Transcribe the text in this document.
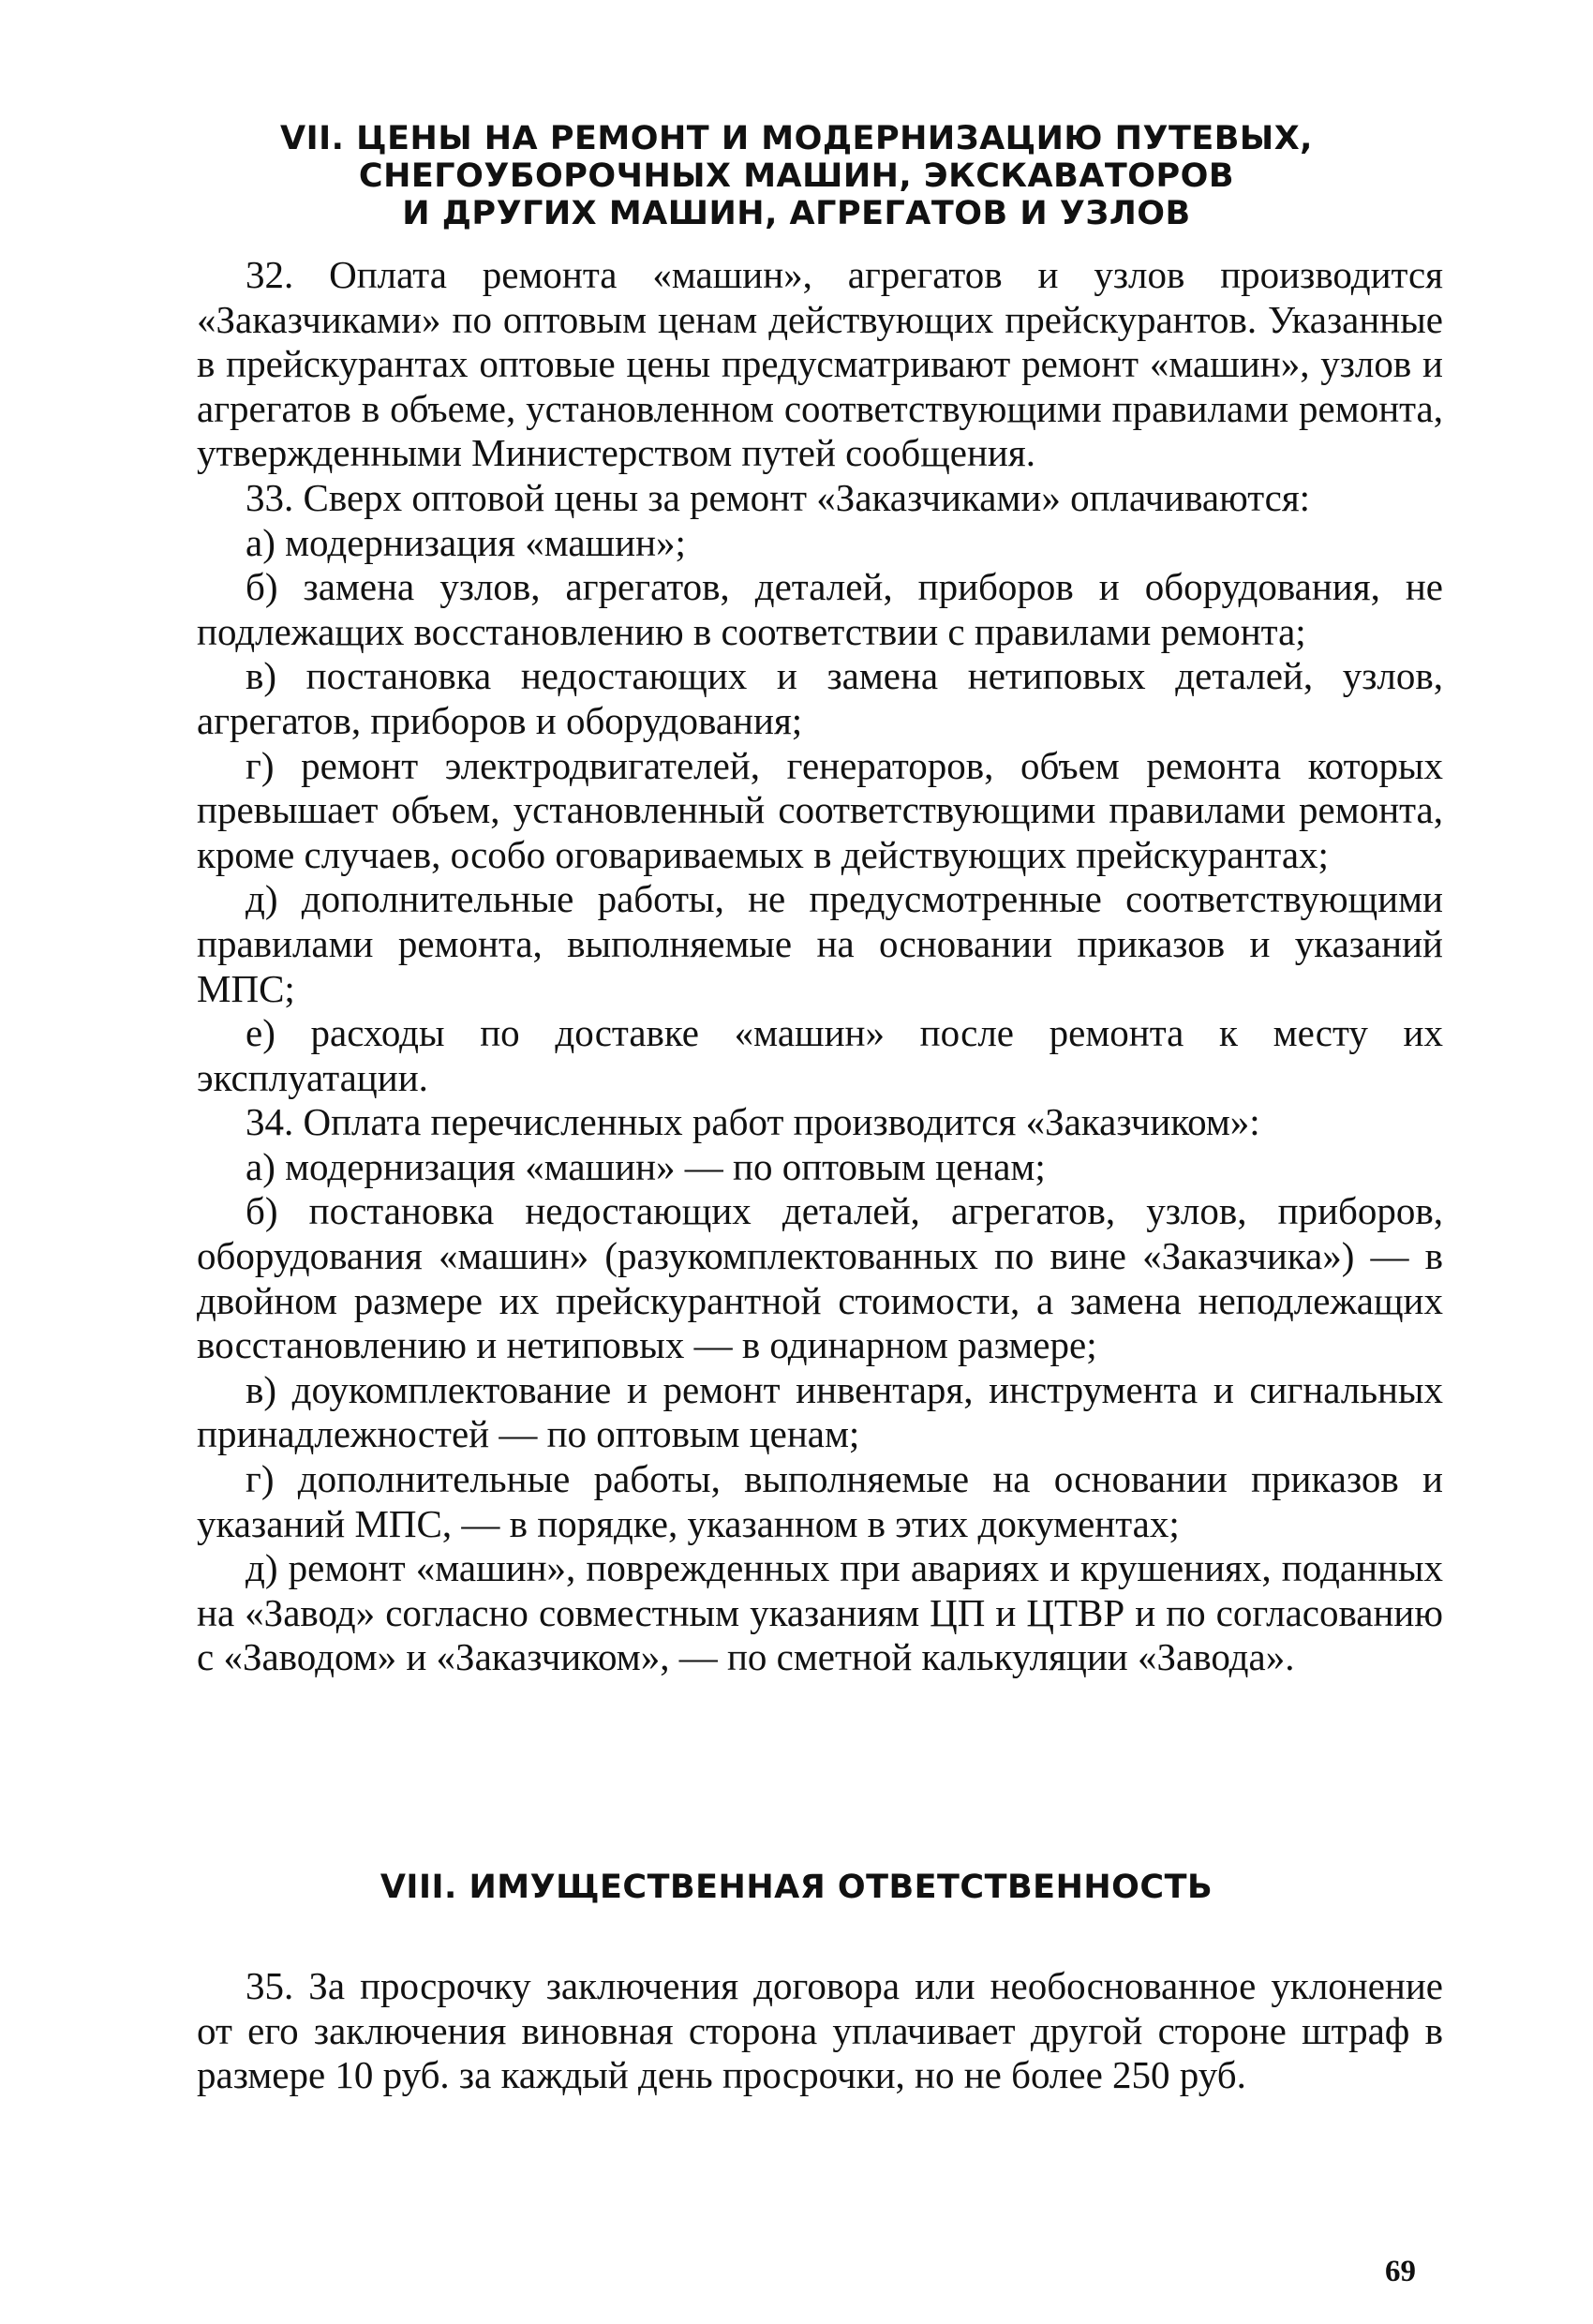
VII. ЦЕНЫ НА РЕМОНТ И МОДЕРНИЗАЦИЮ ПУТЕВЫХ,
СНЕГОУБОРОЧНЫХ МАШИН, ЭКСКАВАТОРОВ
И ДРУГИХ МАШИН, АГРЕГАТОВ И УЗЛОВ

32. Оплата ремонта «машин», агрегатов и узлов производится «Заказчиками» по оптовым ценам действующих прейскурантов. Указанные в прейскурантах оптовые цены предусматривают ремонт «машин», узлов и агрегатов в объеме, установленном соответствующими правилами ремонта, утвержденными Министерством путей сообщения.

33. Сверх оптовой цены за ремонт «Заказчиками» оплачиваются:

а) модернизация «машин»;

б) замена узлов, агрегатов, деталей, приборов и оборудования, не подлежащих восстановлению в соответствии с правилами ремонта;

в) постановка недостающих и замена нетиповых деталей, узлов, агрегатов, приборов и оборудования;

г) ремонт электродвигателей, генераторов, объем ремонта которых превышает объем, установленный соответствующими правилами ремонта, кроме случаев, особо оговариваемых в действующих прейскурантах;

д) дополнительные работы, не предусмотренные соответствующими правилами ремонта, выполняемые на основании приказов и указаний МПС;

е) расходы по доставке «машин» после ремонта к месту их эксплуатации.

34. Оплата перечисленных работ производится «Заказчиком»:

а) модернизация «машин» — по оптовым ценам;

б) постановка недостающих деталей, агрегатов, узлов, приборов, оборудования «машин» (разукомплектованных по вине «Заказчика») — в двойном размере их прейскурантной стоимости, а замена неподлежащих восстановлению и нетиповых — в одинарном размере;

в) доукомплектование и ремонт инвентаря, инструмента и сигнальных принадлежностей — по оптовым ценам;

г) дополнительные работы, выполняемые на основании приказов и указаний МПС, — в порядке, указанном в этих документах;

д) ремонт «машин», поврежденных при авариях и крушениях, поданных на «Завод» согласно совместным указаниям ЦП и ЦТВР и по согласованию с «Заводом» и «Заказчиком», — по сметной калькуляции «Завода».

VIII. ИМУЩЕСТВЕННАЯ ОТВЕТСТВЕННОСТЬ

35. За просрочку заключения договора или необоснованное уклонение от его заключения виновная сторона уплачивает другой стороне штраф в размере 10 руб. за каждый день просрочки, но не более 250 руб.

69
